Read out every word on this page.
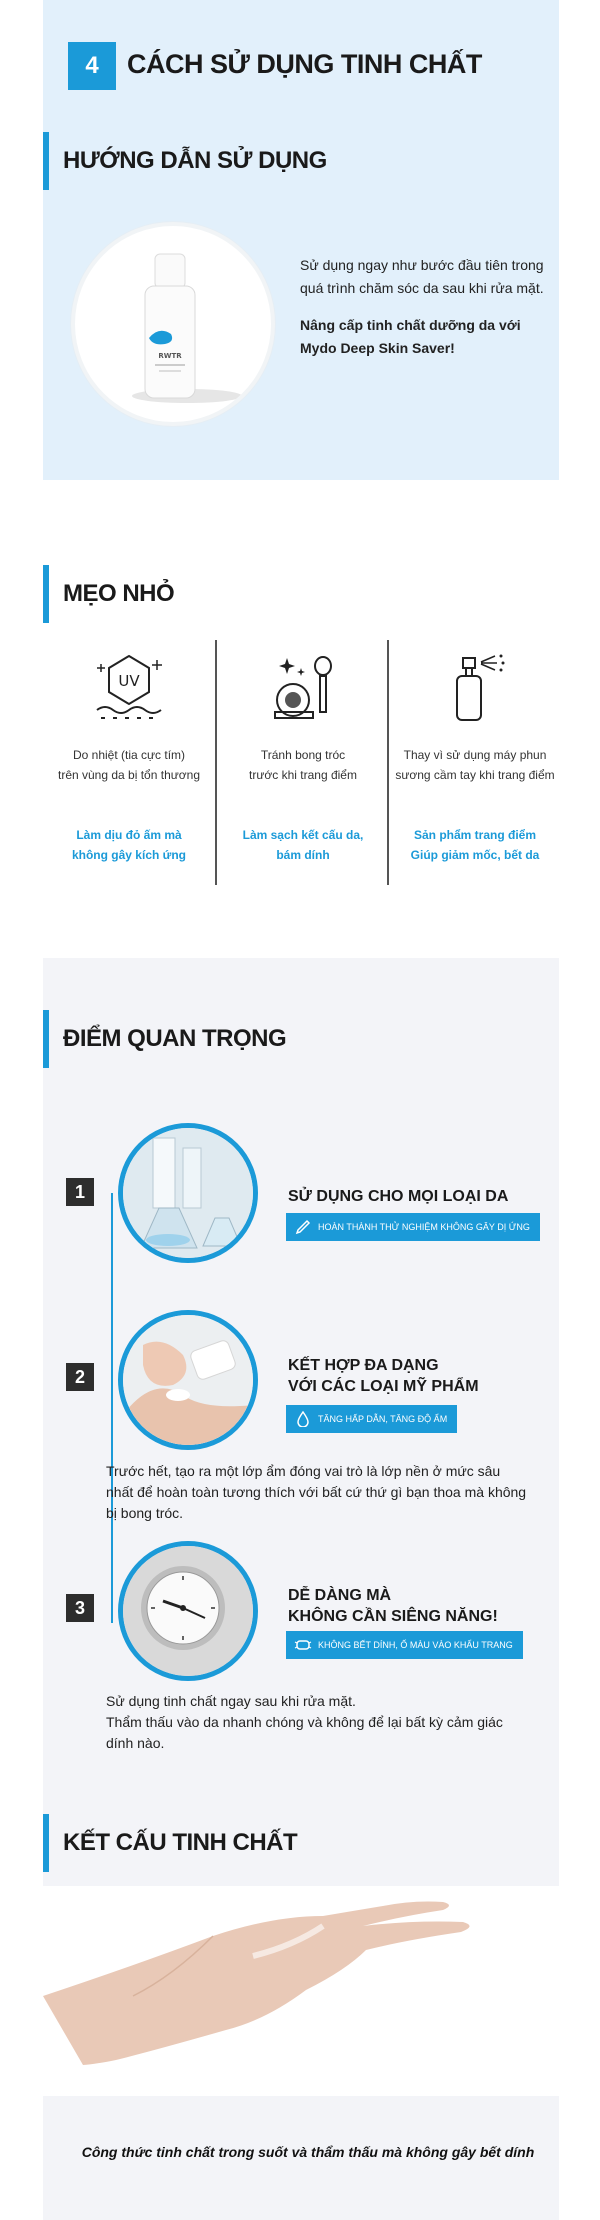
4	CÁCH SỬ DỤNG TINH CHẤT
HƯỚNG DẪN SỬ DỤNG
RWTR
Sử dụng ngay như bước đầu tiên trong quá trình chăm sóc da sau khi rửa mặt.
Nâng cấp tinh chất dưỡng da với Mydo Deep Skin Saver!
MẸO NHỎ
UV
Do nhiệt (tia cực tím)
trên vùng da bị tổn thương
Làm dịu đỏ ấm mà
không gây kích ứng
Tránh bong tróc
trước khi trang điểm
Làm sạch kết cấu da,
bám dính
Thay vì sử dụng máy phun
sương cầm tay khi trang điểm
Sản phẩm trang điểm
Giúp giảm mốc, bết da
ĐIỂM QUAN TRỌNG
1	SỬ DỤNG CHO MỌI LOẠI DA
HOÀN THÀNH THỬ NGHIỆM KHÔNG GÂY DỊ ỨNG
2
KẾT HỢP ĐA DẠNG
VỚI CÁC LOẠI MỸ PHẨM
TĂNG HẤP DẪN, TĂNG ĐỘ ẨM
Trước hết, tạo ra một lớp ẩm đóng vai trò là lớp nền ở mức sâu nhất để hoàn toàn tương thích với bất cứ thứ gì bạn thoa mà không bị bong tróc.
3
DỄ DÀNG MÀ
KHÔNG CẦN SIÊNG NĂNG!
KHÔNG BẾT DÍNH, Ố MÀU VÀO KHẨU TRANG
Sử dụng tinh chất ngay sau khi rửa mặt.
Thẩm thấu vào da nhanh chóng và không để lại bất kỳ cảm giác dính nào.
KẾT CẤU TINH CHẤT
Công thức tinh chất trong suốt và thẩm thấu mà không gây bết dính
